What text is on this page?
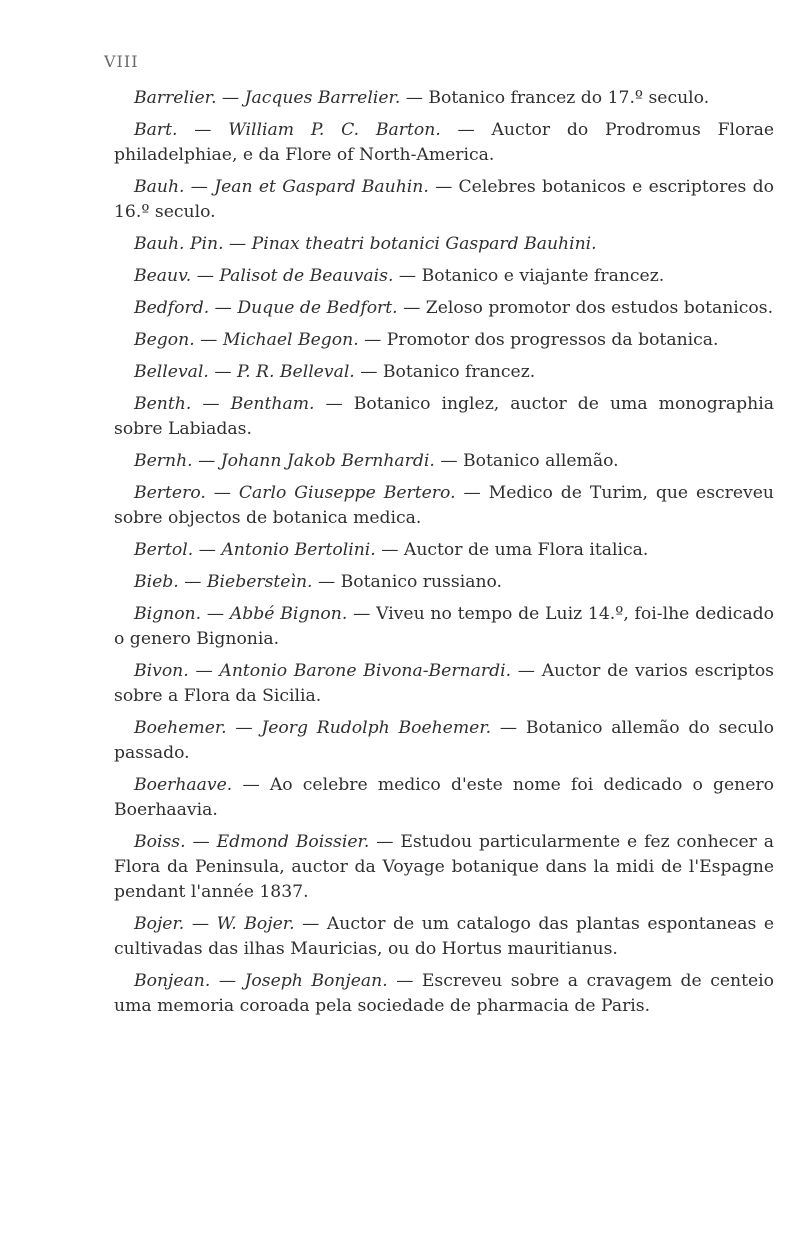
VIII

Barrelier. — Jacques Barrelier. — Botanico francez do 17.º seculo.

Bart. — William P. C. Barton. — Auctor do Prodromus Florae philadelphiae, e da Flore of North-America.

Bauh. — Jean et Gaspard Bauhin. — Celebres botanicos e escriptores do 16.º seculo.

Bauh. Pin. — Pinax theatri botanici Gaspard Bauhini.

Beauv. — Palisot de Beauvais. — Botanico e viajante francez.

Bedford. — Duque de Bedfort. — Zeloso promotor dos estudos botanicos.

Begon. — Michael Begon. — Promotor dos progressos da botanica.

Belleval. — P. R. Belleval. — Botanico francez.

Benth. — Bentham. — Botanico inglez, auctor de uma monographia sobre Labiadas.

Bernh. — Johann Jakob Bernhardi. — Botanico allemão.

Bertero. — Carlo Giuseppe Bertero. — Medico de Turim, que escreveu sobre objectos de botanica medica.

Bertol. — Antonio Bertolini. — Auctor de uma Flora italica.

Bieb. — Biebersteìn. — Botanico russiano.

Bignon. — Abbé Bignon. — Viveu no tempo de Luiz 14.º, foi-lhe dedicado o genero Bignonia.

Bivon. — Antonio Barone Bivona-Bernardi. — Auctor de varios escriptos sobre a Flora da Sicilia.

Boehemer. — Jeorg Rudolph Boehemer. — Botanico allemão do seculo passado.

Boerhaave. — Ao celebre medico d'este nome foi dedicado o genero Boerhaavia.

Boiss. — Edmond Boissier. — Estudou particularmente e fez conhecer a Flora da Peninsula, auctor da Voyage botanique dans la midi de l'Espagne pendant l'année 1837.

Bojer. — W. Bojer. — Auctor de um catalogo das plantas espontaneas e cultivadas das ilhas Mauricias, ou do Hortus mauritianus.

Bonjean. — Joseph Bonjean. — Escreveu sobre a cravagem de centeio uma memoria coroada pela sociedade de pharmacia de Paris.
